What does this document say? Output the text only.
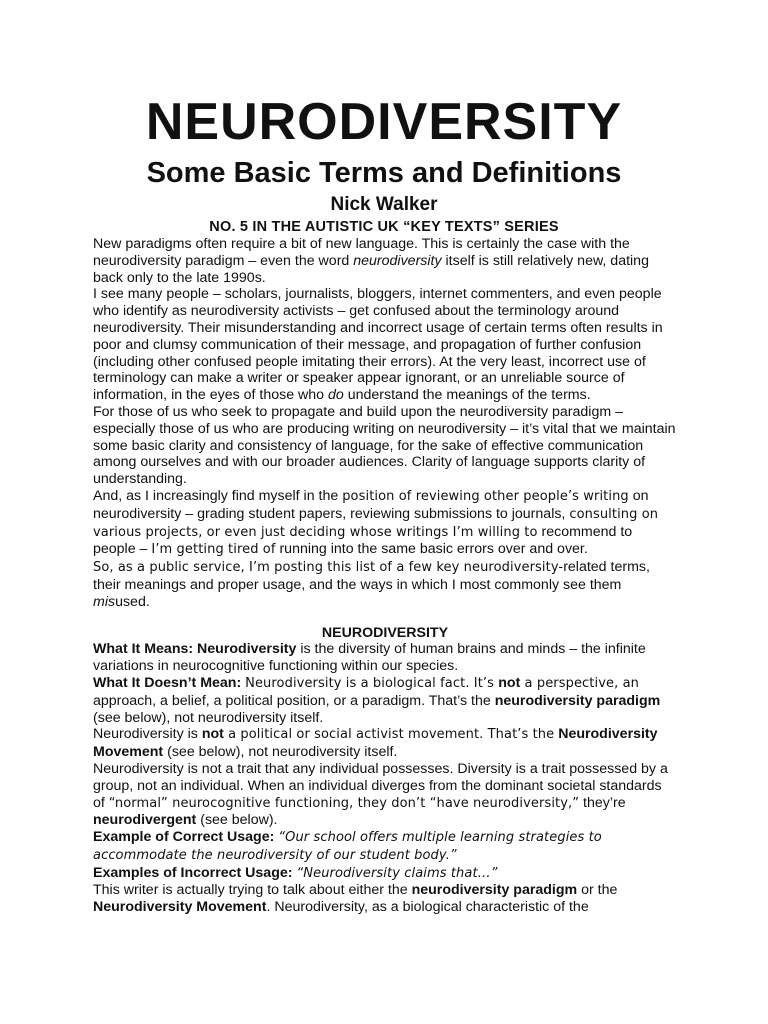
NEURODIVERSITY
Some Basic Terms and Definitions
Nick Walker
NO. 5 IN THE AUTISTIC UK “KEY TEXTS” SERIES

New paradigms often require a bit of new language. This is certainly the case with the neurodiversity paradigm – even the word neurodiversity itself is still relatively new, dating back only to the late 1990s.

I see many people – scholars, journalists, bloggers, internet commenters, and even people who identify as neurodiversity activists – get confused about the terminology around neurodiversity. Their misunderstanding and incorrect usage of certain terms often results in poor and clumsy communication of their message, and propagation of further confusion (including other confused people imitating their errors). At the very least, incorrect use of terminology can make a writer or speaker appear ignorant, or an unreliable source of information, in the eyes of those who do understand the meanings of the terms.

For those of us who seek to propagate and build upon the neurodiversity paradigm – especially those of us who are producing writing on neurodiversity – it’s vital that we maintain some basic clarity and consistency of language, for the sake of effective communication among ourselves and with our broader audiences. Clarity of language supports clarity of understanding.

And, as I increasingly find myself in the position of reviewing other people’s writing on neurodiversity – grading student papers, reviewing submissions to journals, consulting on various projects, or even just deciding whose writings I’m willing to recommend to people – I’m getting tired of running into the same basic errors over and over.

So, as a public service, I’m posting this list of a few key neurodiversity-related terms, their meanings and proper usage, and the ways in which I most commonly see them misused.

NEURODIVERSITY

What It Means: Neurodiversity is the diversity of human brains and minds – the infinite variations in neurocognitive functioning within our species.

What It Doesn’t Mean: Neurodiversity is a biological fact. It’s not a perspective, an approach, a belief, a political position, or a paradigm. That’s the neurodiversity paradigm (see below), not neurodiversity itself.

Neurodiversity is not a political or social activist movement. That’s the Neurodiversity Movement (see below), not neurodiversity itself.

Neurodiversity is not a trait that any individual possesses. Diversity is a trait possessed by a group, not an individual. When an individual diverges from the dominant societal standards of “normal” neurocognitive functioning, they don’t “have neurodiversity,” they’re neurodivergent (see below).

Example of Correct Usage: “Our school offers multiple learning strategies to accommodate the neurodiversity of our student body.”

Examples of Incorrect Usage: “Neurodiversity claims that…”

This writer is actually trying to talk about either the neurodiversity paradigm or the Neurodiversity Movement. Neurodiversity, as a biological characteristic of the
